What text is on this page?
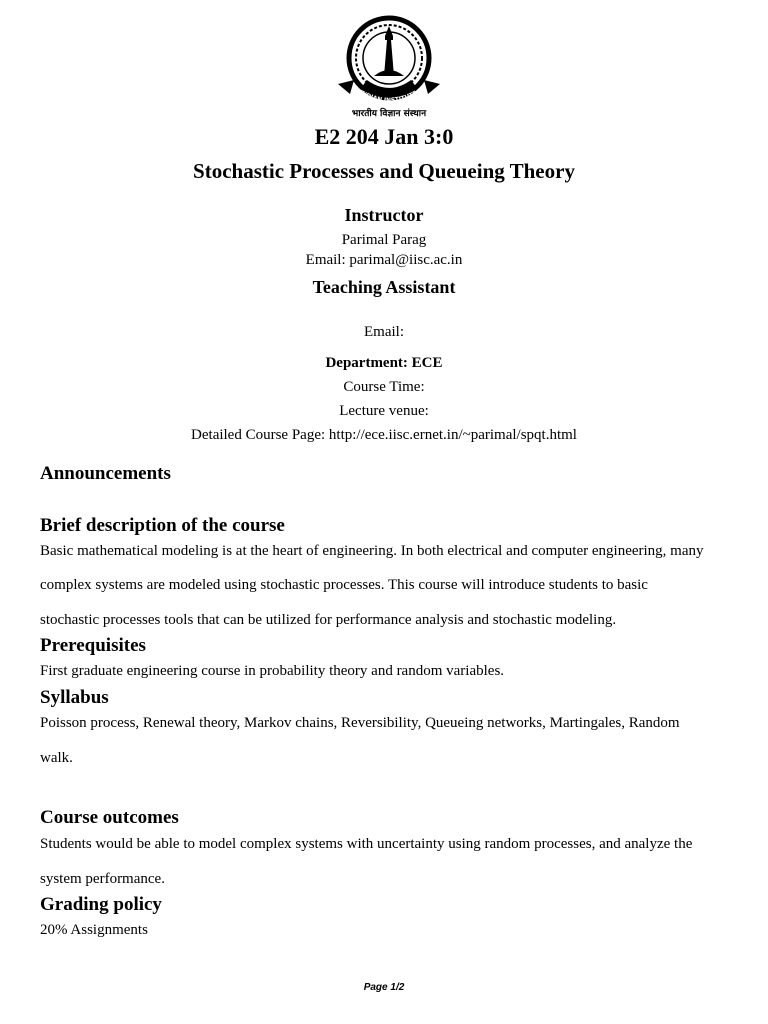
INDIAN INSTITUTE O
भारतीय विज्ञान संस्थान
E2 204 Jan 3:0
Stochastic Processes and Queueing Theory
Instructor
Parimal Parag
Email: parimal@iisc.ac.in
Teaching Assistant
Email:
Department: ECE
Course Time:
Lecture venue:
Detailed Course Page: http://ece.iisc.ernet.in/~parimal/spqt.html
Announcements
Brief description of the course
Basic mathematical modeling is at the heart of engineering. In both electrical and computer engineering, many
complex systems are modeled using stochastic processes. This course will introduce students to basic
stochastic processes tools that can be utilized for performance analysis and stochastic modeling.
Prerequisites
First graduate engineering course in probability theory and random variables.
Syllabus
Poisson process, Renewal theory, Markov chains, Reversibility, Queueing networks, Martingales, Random
walk.
Course outcomes
Students would be able to model complex systems with uncertainty using random processes, and analyze the
system performance.
Grading policy
20% Assignments
Page 1/2
